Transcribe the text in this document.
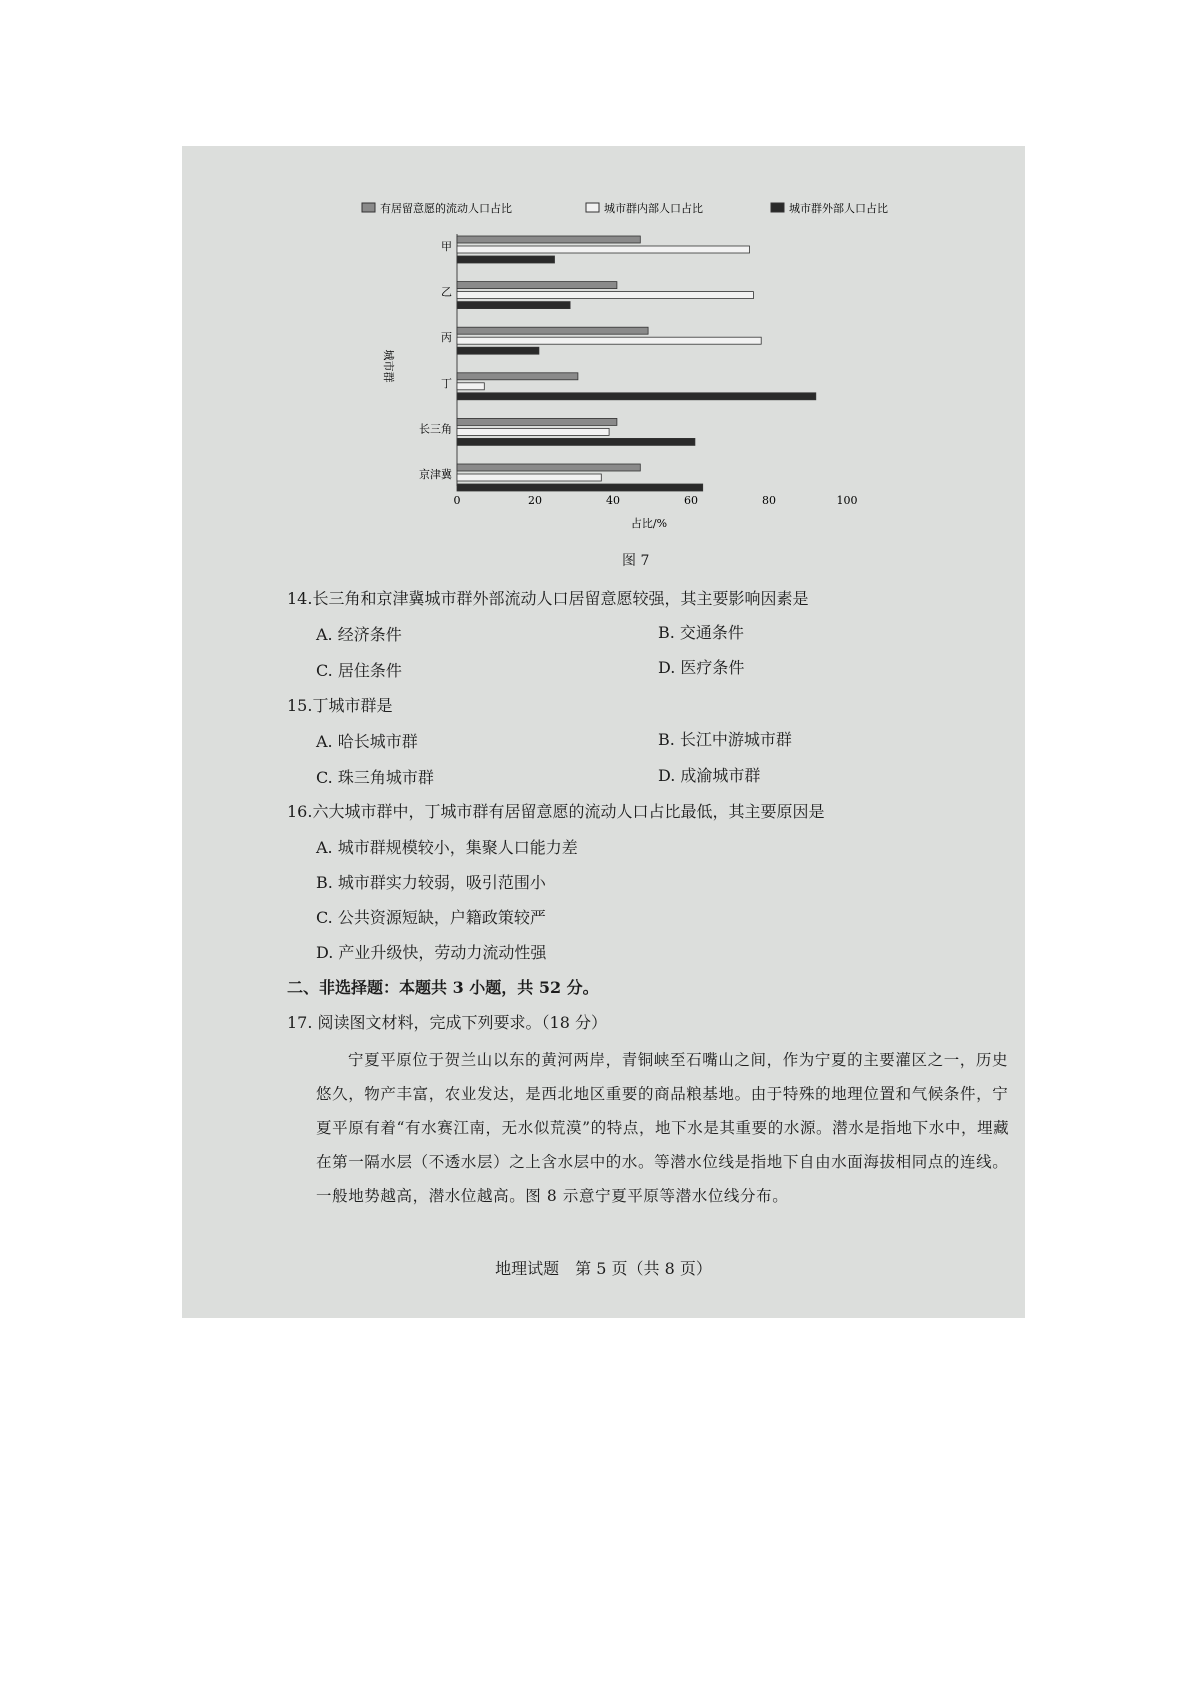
有居留意愿的流动人口占比	城市群内部人口占比	城市群外部人口占比
城市群
甲
乙
丙
丁
长三角
京津冀
0	20	40	60	80	100
占比/%
图 7
14.长三角和京津冀城市群外部流动人口居留意愿较强，其主要影响因素是
A. 经济条件	B. 交通条件
C. 居住条件	D. 医疗条件
15.丁城市群是
A. 哈长城市群	B. 长江中游城市群
C. 珠三角城市群	D. 成渝城市群
16.六大城市群中，丁城市群有居留意愿的流动人口占比最低，其主要原因是
A. 城市群规模较小，集聚人口能力差
B. 城市群实力较弱，吸引范围小
C. 公共资源短缺，户籍政策较严
D. 产业升级快，劳动力流动性强
二、非选择题：本题共 3 小题，共 52 分。
17. 阅读图文材料，完成下列要求。（18 分）
宁夏平原位于贺兰山以东的黄河两岸，青铜峡至石嘴山之间，作为宁夏的主要灌区之一，历史悠久，物产丰富，农业发达，是西北地区重要的商品粮基地。由于特殊的地理位置和气候条件，宁夏平原有着“有水赛江南，无水似荒漠”的特点，地下水是其重要的水源。潜水是指地下水中，埋藏在第一隔水层（不透水层）之上含水层中的水。等潜水位线是指地下自由水面海拔相同点的连线。一般地势越高，潜水位越高。图 8 示意宁夏平原等潜水位线分布。
地理试题　第 5 页（共 8 页）
